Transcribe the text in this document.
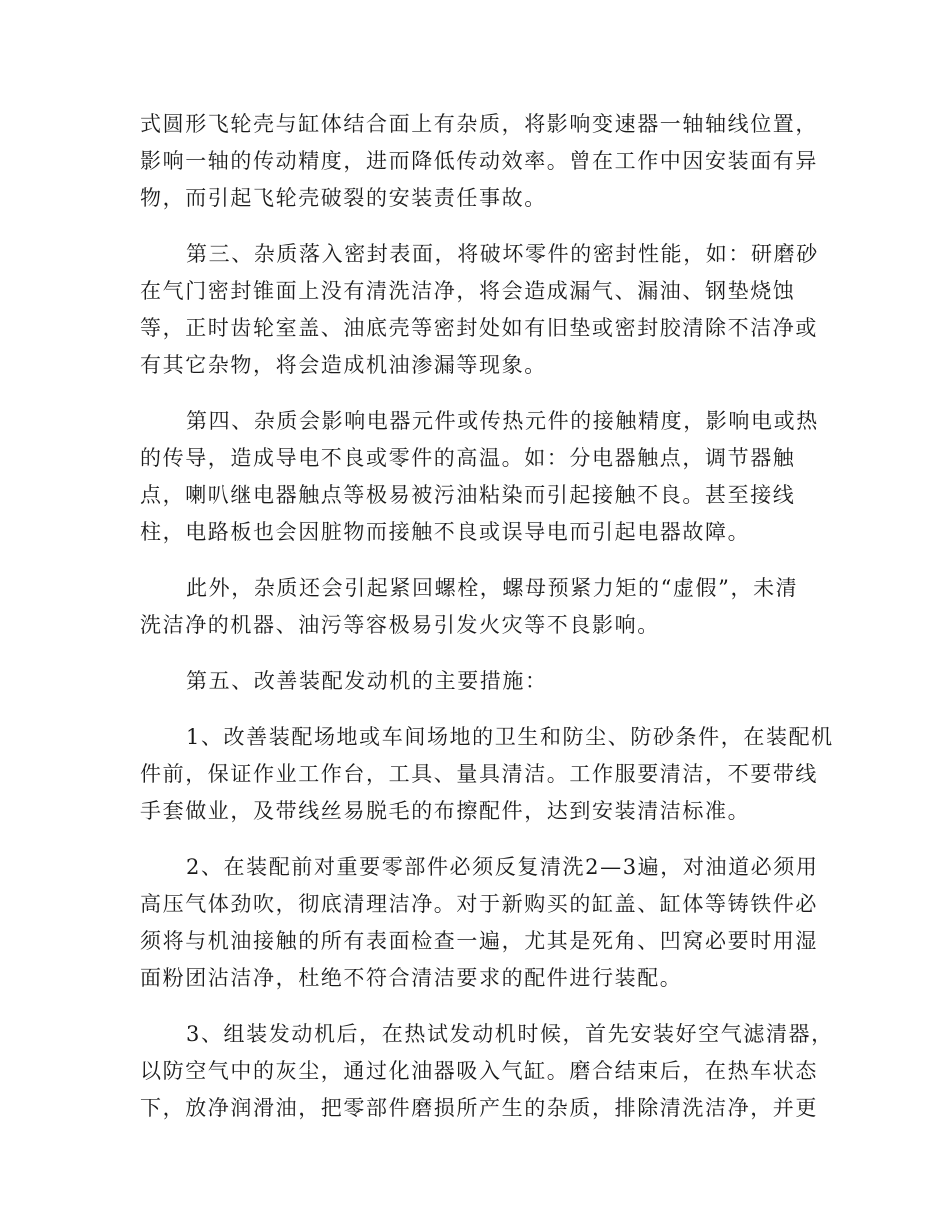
式圆形飞轮壳与缸体结合面上有杂质，将影响变速器一轴轴线位置，
影响一轴的传动精度，进而降低传动效率。曾在工作中因安装面有异
物，而引起飞轮壳破裂的安装责任事故。

第三、杂质落入密封表面，将破坏零件的密封性能，如：研磨砂
在气门密封锥面上没有清洗洁净，将会造成漏气、漏油、钢垫烧蚀
等，正时齿轮室盖、油底壳等密封处如有旧垫或密封胶清除不洁净或
有其它杂物，将会造成机油渗漏等现象。

第四、杂质会影响电器元件或传热元件的接触精度，影响电或热
的传导，造成导电不良或零件的高温。如：分电器触点，调节器触
点，喇叭继电器触点等极易被污油粘染而引起接触不良。甚至接线
柱，电路板也会因脏物而接触不良或误导电而引起电器故障。

此外，杂质还会引起紧回螺栓，螺母预紧力矩的“虚假”，未清
洗洁净的机器、油污等容极易引发火灾等不良影响。

第五、改善装配发动机的主要措施：

1、改善装配场地或车间场地的卫生和防尘、防砂条件，在装配机
件前，保证作业工作台，工具、量具清洁。工作服要清洁，不要带线
手套做业，及带线丝易脱毛的布擦配件，达到安装清洁标准。

2、在装配前对重要零部件必须反复清洗2—3遍，对油道必须用
高压气体劲吹，彻底清理洁净。对于新购买的缸盖、缸体等铸铁件必
须将与机油接触的所有表面检查一遍，尤其是死角、凹窝必要时用湿
面粉团沾洁净，杜绝不符合清洁要求的配件进行装配。

3、组装发动机后，在热试发动机时候，首先安装好空气滤清器，
以防空气中的灰尘，通过化油器吸入气缸。磨合结束后，在热车状态
下，放净润滑油，把零部件磨损所产生的杂质，排除清洗洁净，并更
